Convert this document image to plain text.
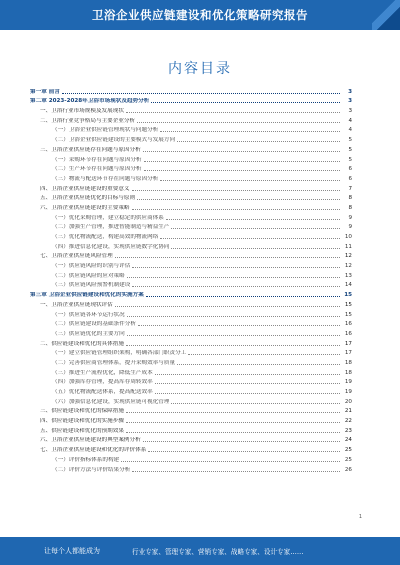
卫浴企业供应链建设和优化策略研究报告
内容目录
第一章 前言	3
第二章 2023-2028年卫浴市场现状及趋势分析	3
一、卫浴行业市场规模及发展现状	3
二、卫浴行业竞争格局与主要企业分析	4
（一）卫浴企业供应链管理现状与问题分析	4
（二）卫浴企业供应链建设的主要模式与发展方向	5
三、卫浴企业供应链存在问题与原因分析	5
（一）采购环节存在问题与原因分析	5
（二）生产环节存在问题与原因分析	6
（三）物流与配送环节存在问题与原因分析	6
四、卫浴企业供应链建设的重要意义	7
五、卫浴企业供应链优化的目标与原则	8
六、卫浴企业供应链建设的主要策略	8
（一）优化采购管理，建立稳定的供应商体系	9
（二）加强生产管理，推进智能制造与精益生产	9
（三）优化物流配送，构建高效的物流网络	10
（四）推进信息化建设，实现供应链数字化协同	11
七、卫浴企业供应链风险管理	12
（一）供应链风险的识别与评估	12
（二）供应链风险的应对策略	13
（三）供应链风险预警机制建设	14
第三章 卫浴企业供应链建设和优化的实施方案	15
一、卫浴企业供应链现状评估	15
（一）供应链各环节运行状况	15
（二）供应链建设的基础条件分析	16
（三）供应链优化的主要方向	16
二、供应链建设和优化的具体措施	17
（一）建立供应链管理组织架构，明确各部门职责分工	17
（二）完善供应商管理体系，提升采购效率与质量	18
（三）推进生产流程优化，降低生产成本	18
（四）加强库存管理，提高库存周转效率	19
（五）优化物流配送体系，提高配送效率	19
（六）加强信息化建设，实现供应链可视化管理	20
三、供应链建设和优化的保障措施	21
四、供应链建设和优化的实施步骤	22
五、供应链建设和优化的预期效果	23
六、卫浴企业供应链建设的典型案例分析	24
七、卫浴企业供应链建设和优化的评价体系	25
（一）评价指标体系的构建	25
（二）评价方法与评价结果分析	26
1
让每个人都能成为	行业专家、管理专家、营销专家、战略专家、设计专家……
